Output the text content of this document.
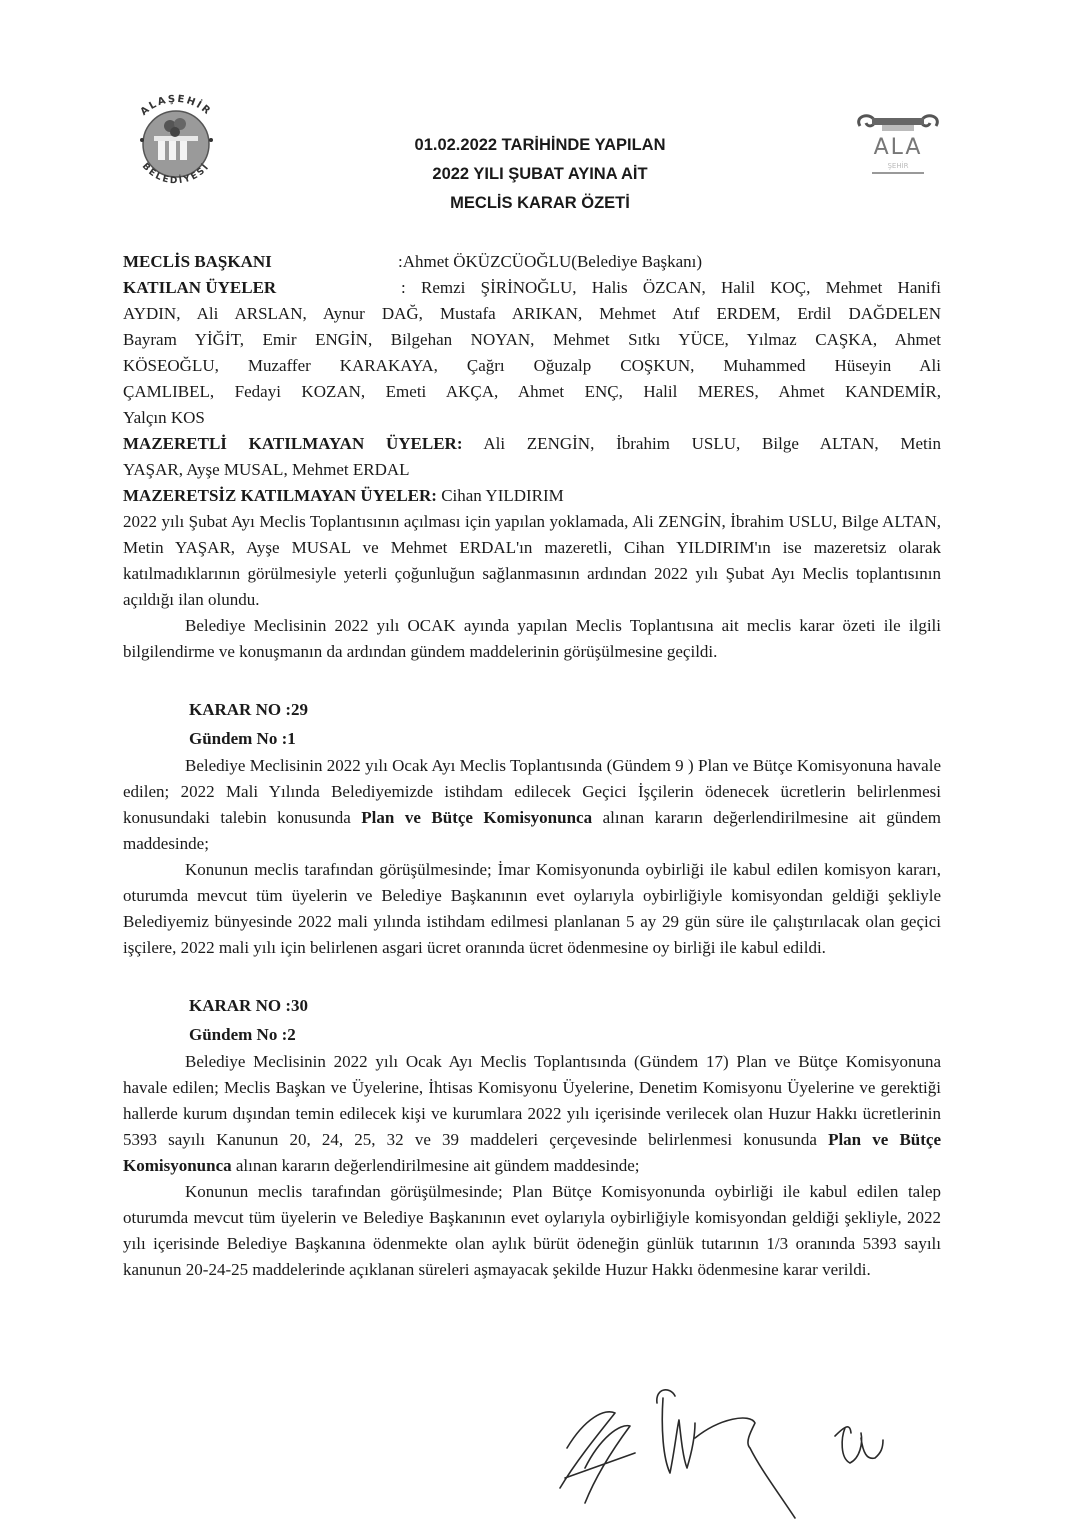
ALAŞEHİR
BELEDİYESİ
ALA
ŞEHİR
01.02.2022 TARİHİNDE YAPILAN
2022 YILI ŞUBAT AYINA AİT
MECLİS KARAR ÖZETİ
MECLİS BAŞKANI	:Ahmet ÖKÜZCÜOĞLU(Belediye Başkanı)
KATILAN ÜYELER	: Remzi ŞİRİNOĞLU, Halis ÖZCAN, Halil KOÇ, Mehmet Hanifi
AYDIN, Ali ARSLAN, Aynur DAĞ, Mustafa ARIKAN, Mehmet Atıf ERDEM, Erdil DAĞDELEN
Bayram YİĞİT, Emir ENGİN, Bilgehan NOYAN, Mehmet Sıtkı YÜCE, Yılmaz CAŞKA, Ahmet
KÖSEOĞLU, Muzaffer KARAKAYA, Çağrı Oğuzalp COŞKUN, Muhammed Hüseyin Ali
ÇAMLIBEL, Fedayi KOZAN, Emeti AKÇA, Ahmet ENÇ, Halil MERES, Ahmet KANDEMİR,
Yalçın KOS
MAZERETLİ KATILMAYAN ÜYELER: Ali ZENGİN, İbrahim USLU, Bilge ALTAN, Metin
YAŞAR, Ayşe MUSAL, Mehmet ERDAL
MAZERETSİZ KATILMAYAN ÜYELER: Cihan YILDIRIM

2022 yılı Şubat Ayı Meclis Toplantısının açılması için yapılan yoklamada, Ali ZENGİN, İbrahim USLU, Bilge ALTAN, Metin YAŞAR, Ayşe MUSAL ve Mehmet ERDAL'ın mazeretli, Cihan YILDIRIM'ın ise mazeretsiz olarak katılmadıklarının görülmesiyle yeterli çoğunluğun sağlanmasının ardından 2022 yılı Şubat Ayı Meclis toplantısının açıldığı ilan olundu.

Belediye Meclisinin 2022 yılı OCAK ayında yapılan Meclis Toplantısına ait meclis karar özeti ile ilgili bilgilendirme ve konuşmanın da ardından gündem maddelerinin görüşülmesine geçildi.

KARAR NO :29
Gündem No :1

Belediye Meclisinin 2022 yılı Ocak Ayı Meclis Toplantısında (Gündem 9 ) Plan ve Bütçe Komisyonuna havale edilen; 2022 Mali Yılında Belediyemizde istihdam edilecek Geçici İşçilerin ödenecek ücretlerin belirlenmesi konusundaki talebin konusunda Plan ve Bütçe Komisyonunca alınan kararın değerlendirilmesine ait gündem maddesinde;

Konunun meclis tarafından görüşülmesinde; İmar Komisyonunda oybirliği ile kabul edilen komisyon kararı, oturumda mevcut tüm üyelerin ve Belediye Başkanının evet oylarıyla oybirliğiyle komisyondan geldiği şekliyle Belediyemiz bünyesinde 2022 mali yılında istihdam edilmesi planlanan 5 ay 29 gün süre ile çalıştırılacak olan geçici işçilere, 2022 mali yılı için belirlenen asgari ücret oranında ücret ödenmesine oy birliği ile kabul edildi.

KARAR NO :30
Gündem No :2

Belediye Meclisinin 2022 yılı Ocak Ayı Meclis Toplantısında (Gündem 17) Plan ve Bütçe Komisyonuna havale edilen; Meclis Başkan ve Üyelerine, İhtisas Komisyonu Üyelerine, Denetim Komisyonu Üyelerine ve gerektiği hallerde kurum dışından temin edilecek kişi ve kurumlara 2022 yılı içerisinde verilecek olan Huzur Hakkı ücretlerinin 5393 sayılı Kanunun 20, 24, 25, 32 ve 39 maddeleri çerçevesinde belirlenmesi konusunda Plan ve Bütçe Komisyonunca alınan kararın değerlendirilmesine ait gündem maddesinde;

Konunun meclis tarafından görüşülmesinde; Plan Bütçe Komisyonunda oybirliği ile kabul edilen talep oturumda mevcut tüm üyelerin ve Belediye Başkanının evet oylarıyla oybirliğiyle komisyondan geldiği şekliyle, 2022 yılı içerisinde Belediye Başkanına ödenmekte olan aylık bürüt ödeneğin günlük tutarının 1/3 oranında 5393 sayılı kanunun 20-24-25 maddelerinde açıklanan süreleri aşmayacak şekilde Huzur Hakkı ödenmesine karar verildi.
